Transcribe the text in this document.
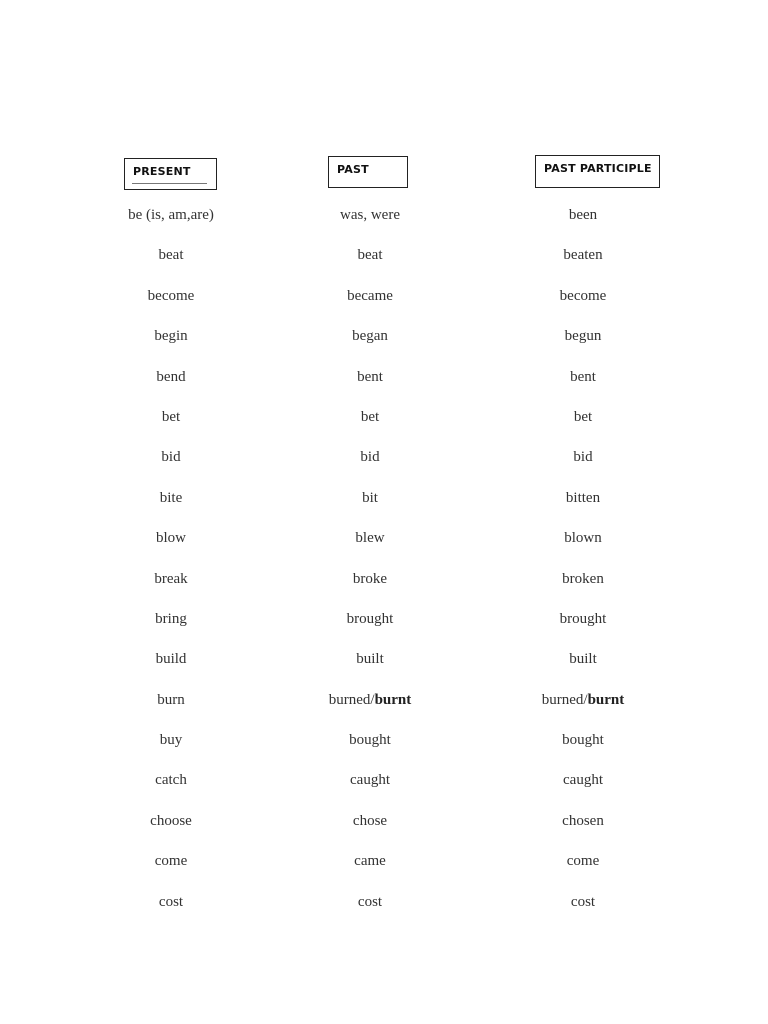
PRESENT	PAST	PAST PARTICIPLE
be (is, am,are)	was, were	been
beat	beat	beaten
become	became	become
begin	began	begun
bend	bent	bent
bet	bet	bet
bid	bid	bid
bite	bit	bitten
blow	blew	blown
break	broke	broken
bring	brought	brought
build	built	built
burn	burned/burnt	burned/burnt
buy	bought	bought
catch	caught	caught
choose	chose	chosen
come	came	come
cost	cost	cost
